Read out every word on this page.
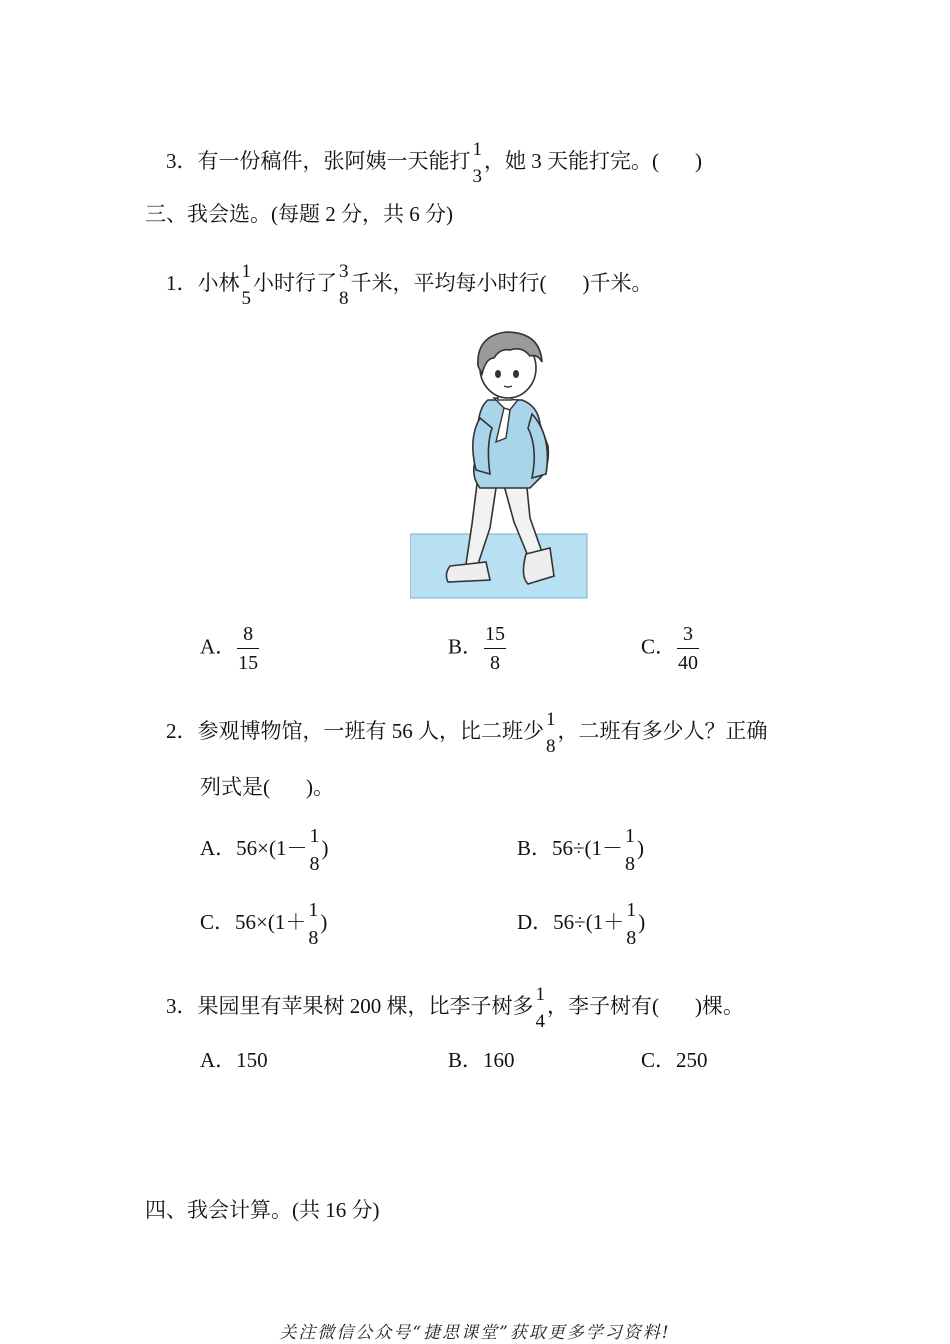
3．有一份稿件，张阿姨一天能打 1
3
，她 3 天能打完。( )
三、我会选。(每题 2 分，共 6 分)
1．小林 1
5
小时行了 3
8
千米，平均每小时行( )千米。
A． $\frac{8}{15}$	B． $\frac{15}{8}$	C． $\frac{3}{40}$
2．参观博物馆，一班有 56 人，比二班少 1
8
，二班有多少人？正确
列式是( )。
A．56×(1－ 1
8
)	B．56÷(1－ 1
8
)
C．56×(1＋ 1
8
)	D．56÷(1＋ 1
8
)
3．果园里有苹果树 200 棵，比李子树多 1
4
，李子树有( )棵。
A．150	B．160	C．250
四、我会计算。(共 16 分)
关注微信公众号“捷思课堂”获取更多学习资料!
